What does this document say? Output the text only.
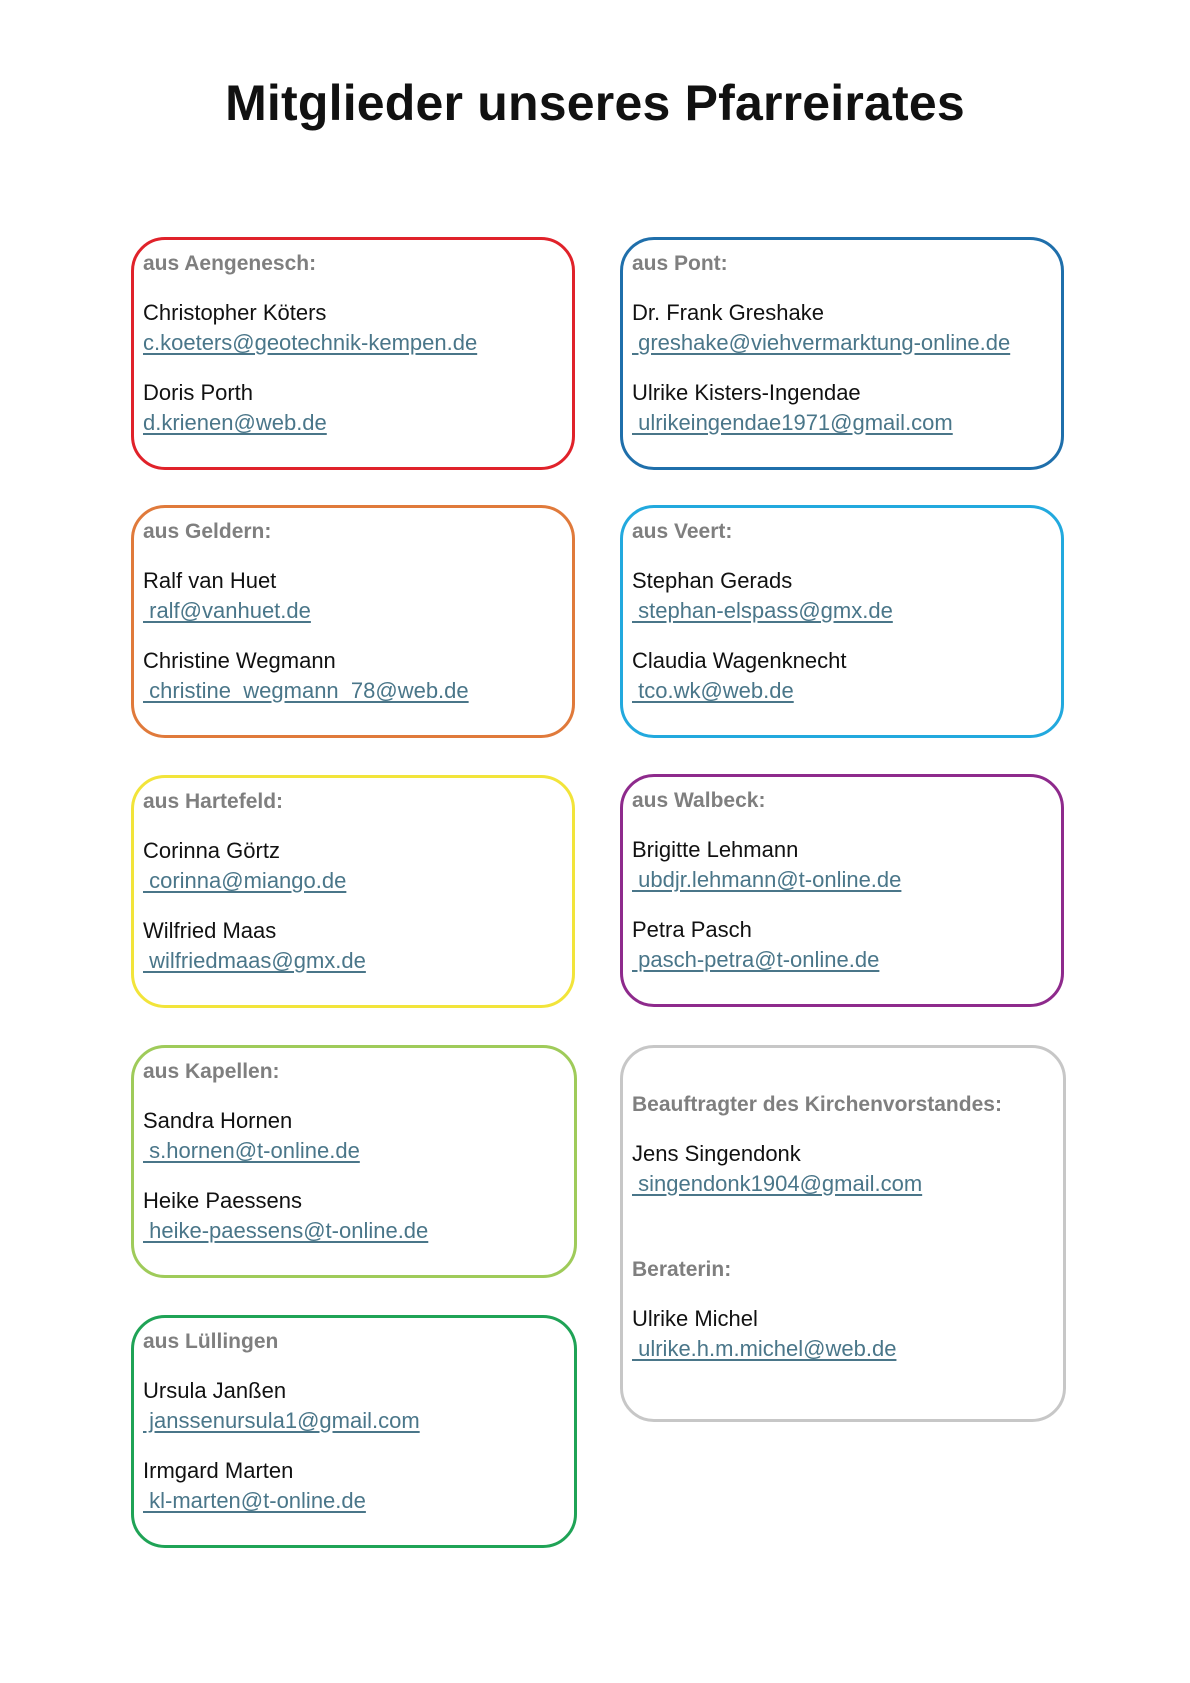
Mitglieder unseres Pfarreirates
aus Aengenesch:
Christopher Köters
c.koeters@geotechnik-kempen.de
Doris Porth
d.krienen@web.de
aus Pont:
Dr. Frank Greshake
greshake@viehvermarktung-online.de
Ulrike Kisters-Ingendae
ulrikeingendae1971@gmail.com
aus Geldern:
Ralf van Huet
ralf@vanhuet.de
Christine Wegmann
christine_wegmann_78@web.de
aus Veert:
Stephan Gerads
stephan-elspass@gmx.de
Claudia Wagenknecht
tco.wk@web.de
aus Hartefeld:
Corinna Görtz
corinna@miango.de
Wilfried Maas
wilfriedmaas@gmx.de
aus Walbeck:
Brigitte Lehmann
ubdjr.lehmann@t-online.de
Petra Pasch
pasch-petra@t-online.de
aus Kapellen:
Sandra Hornen
s.hornen@t-online.de
Heike Paessens
heike-paessens@t-online.de
Beauftragter des Kirchenvorstandes:
Jens Singendonk
singendonk1904@gmail.com
Beraterin:
Ulrike Michel
ulrike.h.m.michel@web.de
aus Lüllingen
Ursula Janßen
janssenursula1@gmail.com
Irmgard Marten
kl-marten@t-online.de
